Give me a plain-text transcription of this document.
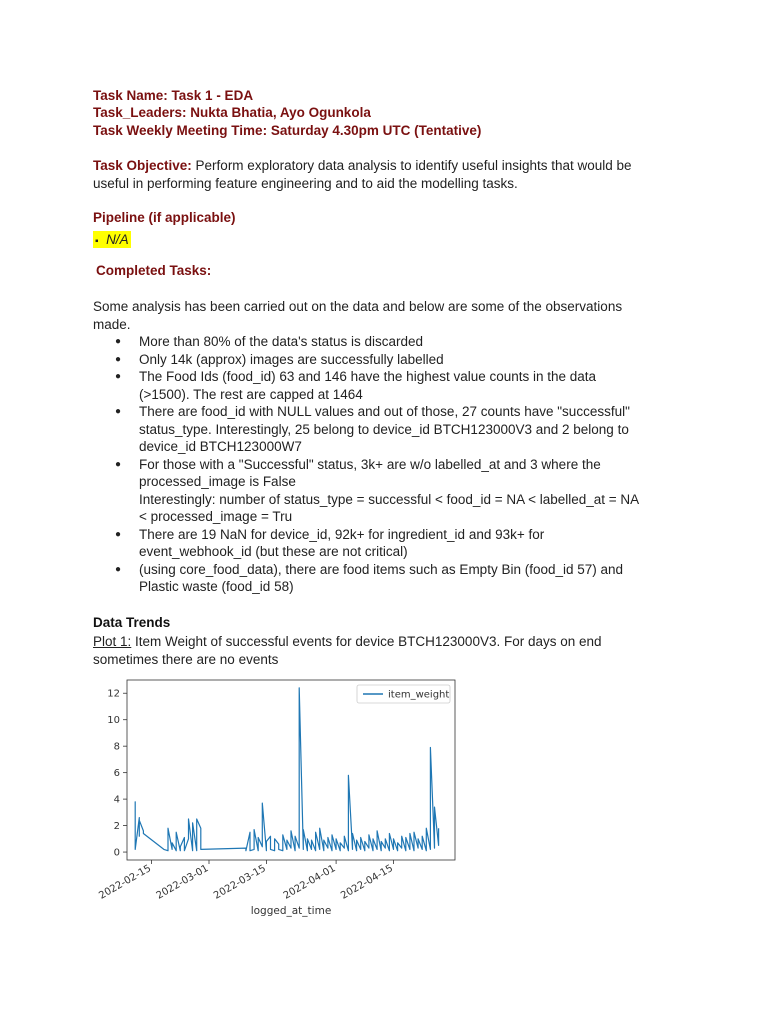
Task Name: Task 1 - EDA
Task_Leaders: Nukta Bhatia, Ayo Ogunkola
Task Weekly Meeting Time: Saturday 4.30pm UTC (Tentative)
Task Objective: Perform exploratory data analysis to identify useful insights that would be
useful in performing feature engineering and to aid the modelling tasks.
Pipeline (if applicable)
▪ N/A
Completed Tasks:
Some analysis has been carried out on the data and below are some of the observations
made.
● More than 80% of the data's status is discarded
● Only 14k (approx) images are successfully labelled
● The Food Ids (food_id) 63 and 146 have the highest value counts in the data
(>1500). The rest are capped at 1464
● There are food_id with NULL values and out of those, 27 counts have "successful"
status_type. Interestingly, 25 belong to device_id BTCH123000V3 and 2 belong to
device_id BTCH123000W7
● For those with a "Successful" status, 3k+ are w/o labelled_at and 3 where the
processed_image is False
Interestingly: number of status_type = successful < food_id = NA < labelled_at = NA
< processed_image = Tru
● There are 19 NaN for device_id, 92k+ for ingredient_id and 93k+ for
event_webhook_id (but these are not critical)
● (using core_food_data), there are food items such as Empty Bin (food_id 57) and
Plastic waste (food_id 58)
Data Trends
Plot 1: Item Weight of successful events for device BTCH123000V3. For days on end
sometimes there are no events
0
2
4
6
8
10
12
2022-02-15 2022-03-01 2022-03-15 2022-04-01 2022-04-15
item_weight
logged_at_time
